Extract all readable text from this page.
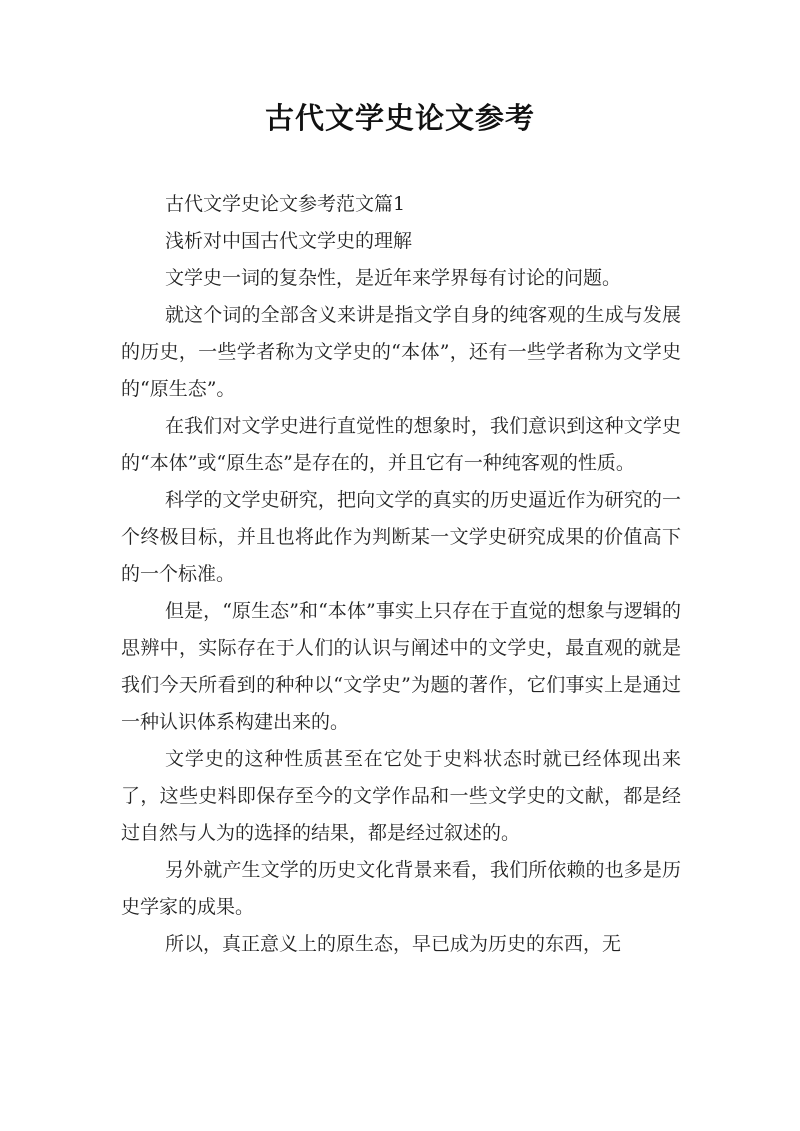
古代文学史论文参考

古代文学史论文参考范文篇1

浅析对中国古代文学史的理解

文学史一词的复杂性，是近年来学界每有讨论的问题。

就这个词的全部含义来讲是指文学自身的纯客观的生成与发展的历史，一些学者称为文学史的“本体”，还有一些学者称为文学史的“原生态”。

在我们对文学史进行直觉性的想象时，我们意识到这种文学史的“本体”或“原生态”是存在的，并且它有一种纯客观的性质。

科学的文学史研究，把向文学的真实的历史逼近作为研究的一个终极目标，并且也将此作为判断某一文学史研究成果的价值高下的一个标准。

但是，“原生态”和“本体”事实上只存在于直觉的想象与逻辑的思辨中，实际存在于人们的认识与阐述中的文学史，最直观的就是我们今天所看到的种种以“文学史”为题的著作，它们事实上是通过一种认识体系构建出来的。

文学史的这种性质甚至在它处于史料状态时就已经体现出来了，这些史料即保存至今的文学作品和一些文学史的文献，都是经过自然与人为的选择的结果，都是经过叙述的。

另外就产生文学的历史文化背景来看，我们所依赖的也多是历史学家的成果。

所以，真正意义上的原生态，早已成为历史的东西，无
